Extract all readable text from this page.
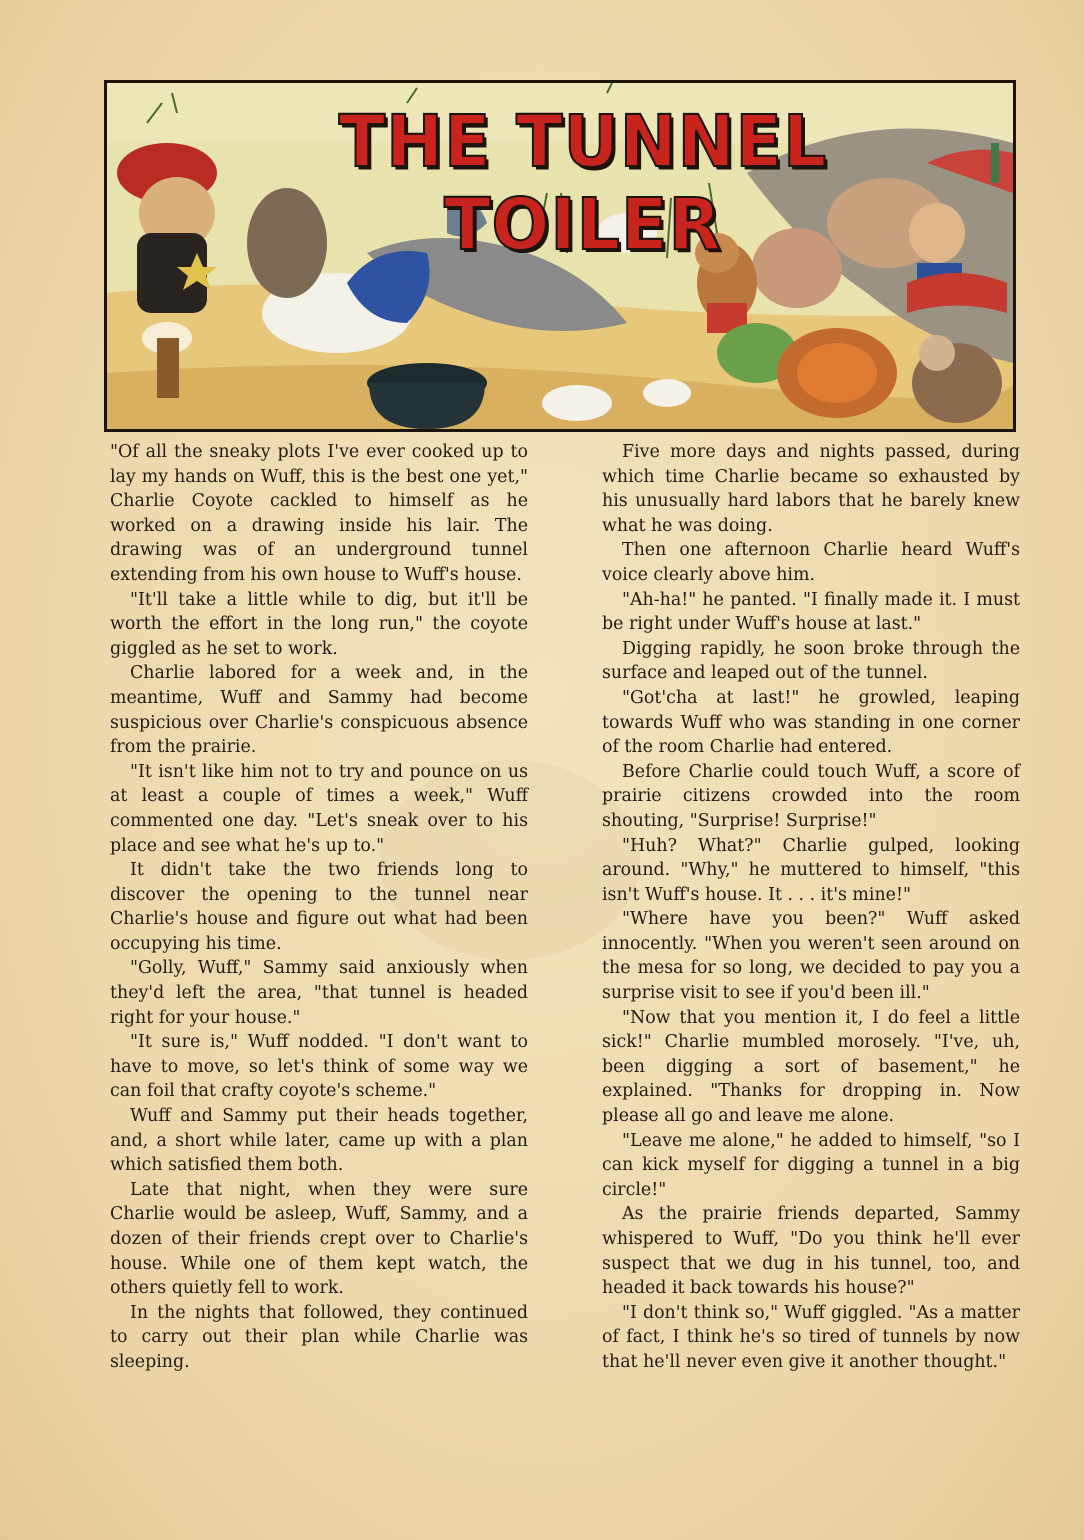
THE TUNNEL TOILER

"Of all the sneaky plots I've ever cooked up to lay my hands on Wuff, this is the best one yet," Charlie Coyote cackled to himself as he worked on a drawing inside his lair. The drawing was of an underground tunnel extending from his own house to Wuff's house.

"It'll take a little while to dig, but it'll be worth the effort in the long run," the coyote giggled as he set to work.

Charlie labored for a week and, in the meantime, Wuff and Sammy had become suspicious over Charlie's conspicuous absence from the prairie.

"It isn't like him not to try and pounce on us at least a couple of times a week," Wuff commented one day. "Let's sneak over to his place and see what he's up to."

It didn't take the two friends long to discover the opening to the tunnel near Charlie's house and figure out what had been occupying his time.

"Golly, Wuff," Sammy said anxiously when they'd left the area, "that tunnel is headed right for your house."

"It sure is," Wuff nodded. "I don't want to have to move, so let's think of some way we can foil that crafty coyote's scheme."

Wuff and Sammy put their heads together, and, a short while later, came up with a plan which satisfied them both.

Late that night, when they were sure Charlie would be asleep, Wuff, Sammy, and a dozen of their friends crept over to Charlie's house. While one of them kept watch, the others quietly fell to work.

In the nights that followed, they continued to carry out their plan while Charlie was sleeping.

Five more days and nights passed, during which time Charlie became so exhausted by his unusually hard labors that he barely knew what he was doing.

Then one afternoon Charlie heard Wuff's voice clearly above him.

"Ah-ha!" he panted. "I finally made it. I must be right under Wuff's house at last."

Digging rapidly, he soon broke through the surface and leaped out of the tunnel.

"Got'cha at last!" he growled, leaping towards Wuff who was standing in one corner of the room Charlie had entered.

Before Charlie could touch Wuff, a score of prairie citizens crowded into the room shouting, "Surprise! Surprise!"

"Huh? What?" Charlie gulped, looking around. "Why," he muttered to himself, "this isn't Wuff's house. It . . . it's mine!"

"Where have you been?" Wuff asked innocently. "When you weren't seen around on the mesa for so long, we decided to pay you a surprise visit to see if you'd been ill."

"Now that you mention it, I do feel a little sick!" Charlie mumbled morosely. "I've, uh, been digging a sort of basement," he explained. "Thanks for dropping in. Now please all go and leave me alone.

"Leave me alone," he added to himself, "so I can kick myself for digging a tunnel in a big circle!"

As the prairie friends departed, Sammy whispered to Wuff, "Do you think he'll ever suspect that we dug in his tunnel, too, and headed it back towards his house?"

"I don't think so," Wuff giggled. "As a matter of fact, I think he's so tired of tunnels by now that he'll never even give it another thought."
